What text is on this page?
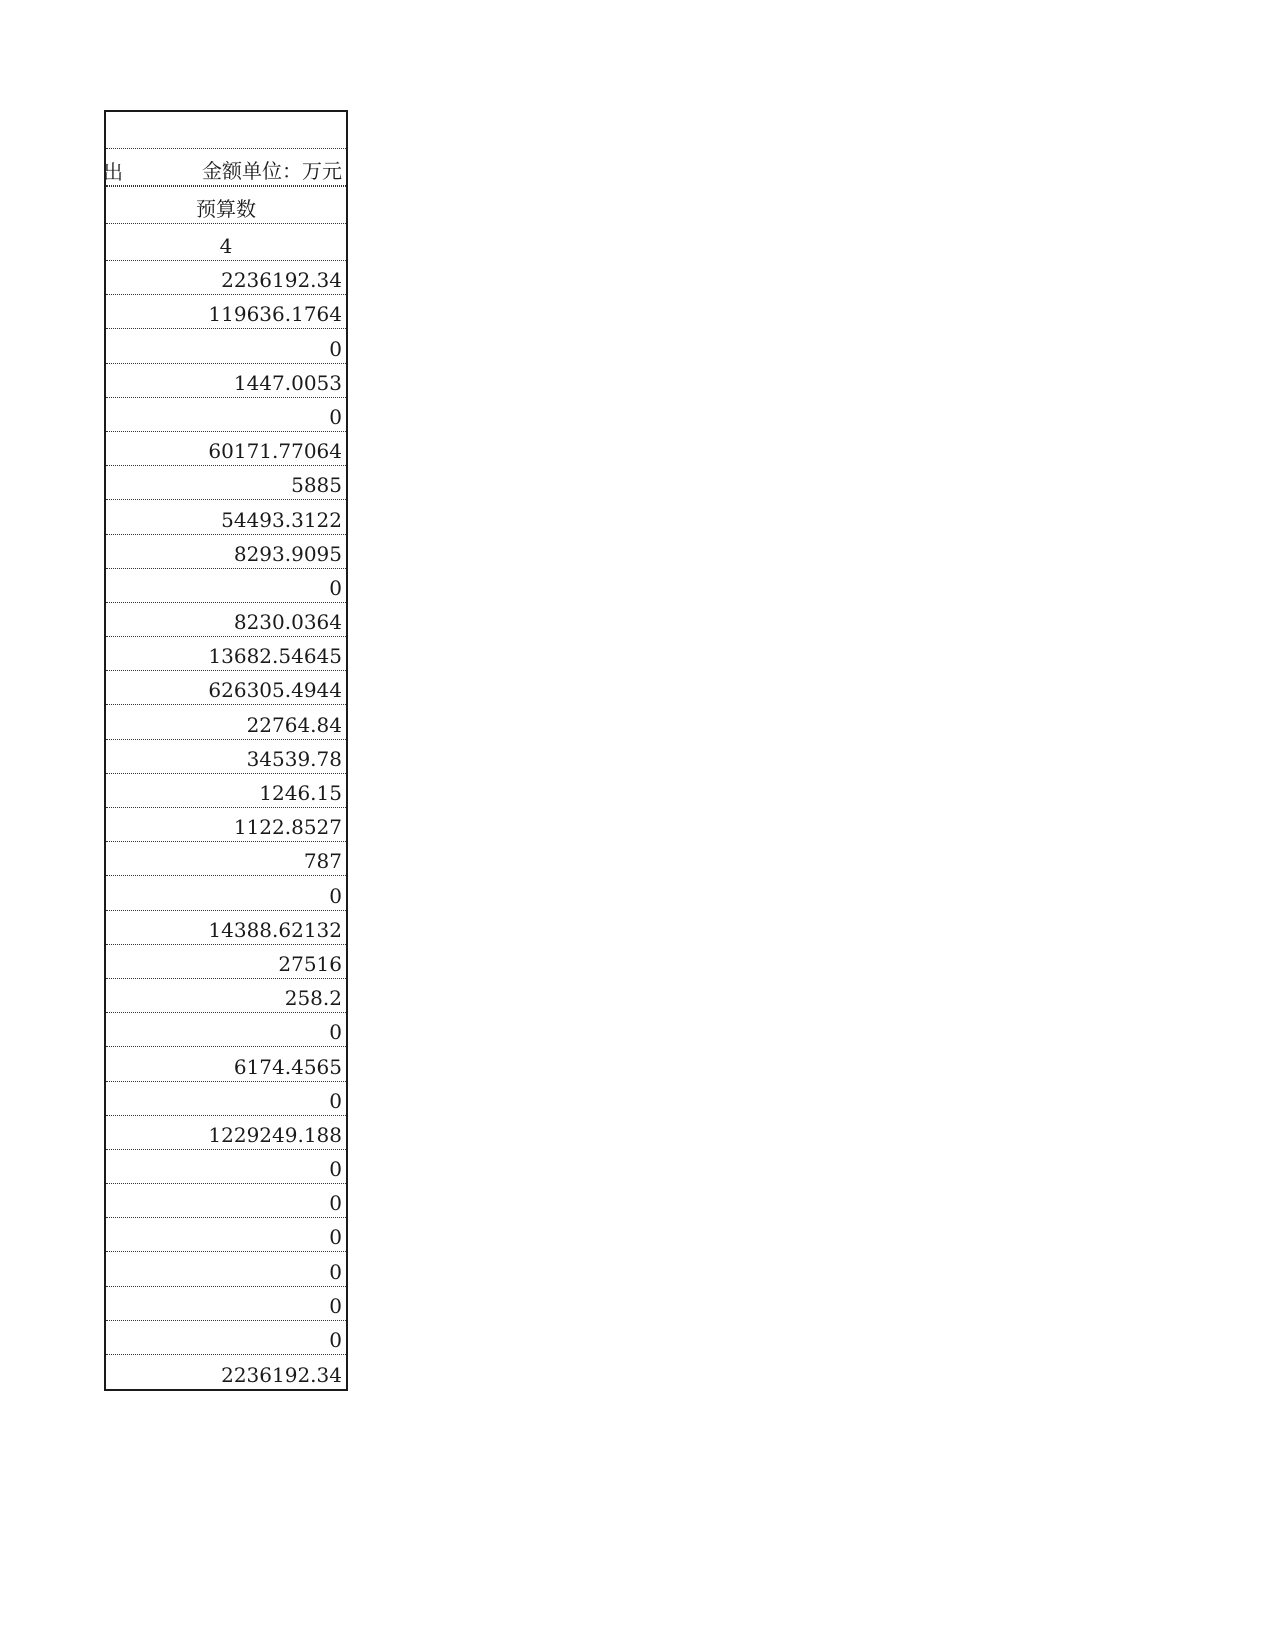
金额单位：万元
出
预算数
4
2236192.34
119636.1764
0
1447.0053
0
60171.77064
5885
54493.3122
8293.9095
0
8230.0364
13682.54645
626305.4944
22764.84
34539.78
1246.15
1122.8527
787
0
14388.62132
27516
258.2
0
6174.4565
0
1229249.188
0
0
0
0
0
0
2236192.34
